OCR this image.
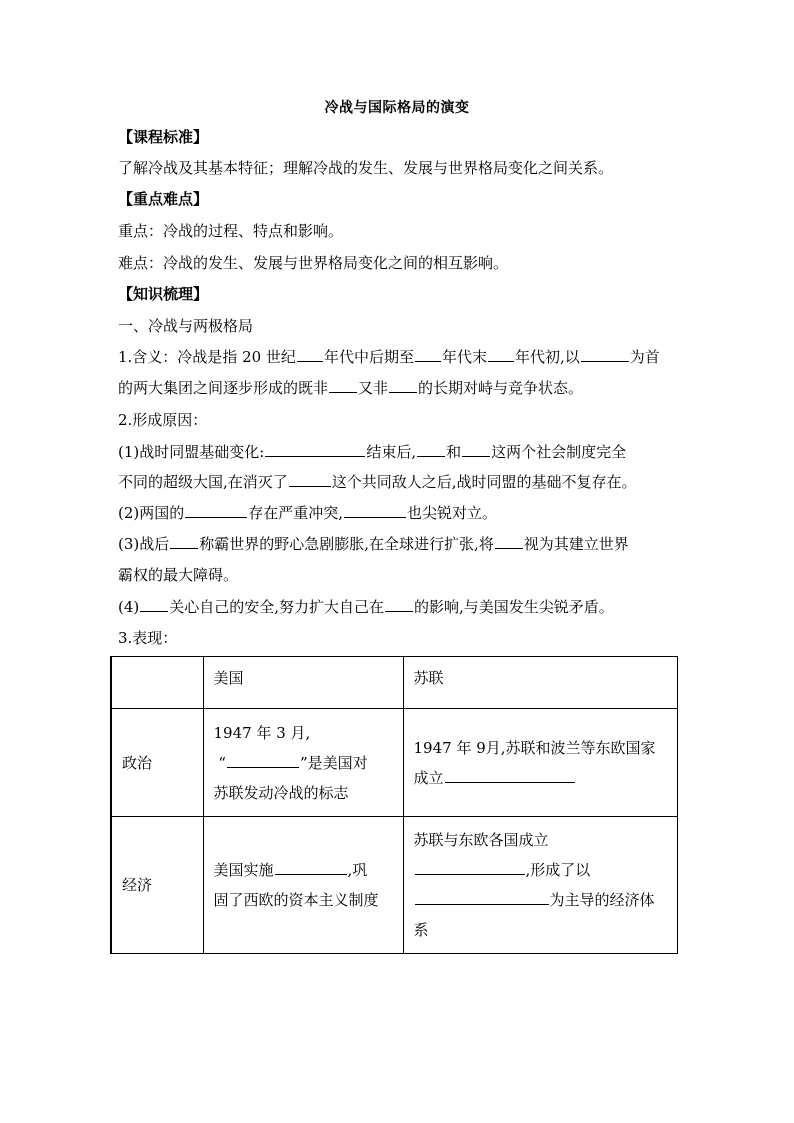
冷战与国际格局的演变
【课程标准】
了解冷战及其基本特征；理解冷战的发生、发展与世界格局变化之间关系。
【重点难点】
重点：冷战的过程、特点和影响。
难点：冷战的发生、发展与世界格局变化之间的相互影响。
【知识梳理】
一、冷战与两极格局
1.含义：冷战是指 20 世纪 年代中后期至 年代末 年代初,以	为首
的两大集团之间逐步形成的既非 又非 的长期对峙与竞争状态。
2.形成原因：
(1)战时同盟基础变化:	结束后, 和 这两个社会制度完全
不同的超级大国,在消灭了	这个共同敌人之后,战时同盟的基础不复存在。
(2)两国的	存在严重冲突,	也尖锐对立。
(3)战后 称霸世界的野心急剧膨胀,在全球进行扩张,将 视为其建立世界
霸权的最大障碍。
(4) 关心自己的安全,努力扩大自己在 的影响,与美国发生尖锐矛盾。
3.表现：
	美国	苏联
政治	1947 年 3 月,
“ ”是美国对
苏联发动冷战的标志	1947 年 9月,苏联和波兰等东欧国家
成立

经济	美国实施 ,巩
固了西欧的资本主义制度	苏联与东欧各国成立
,形成了以
为主导的经济体
系
